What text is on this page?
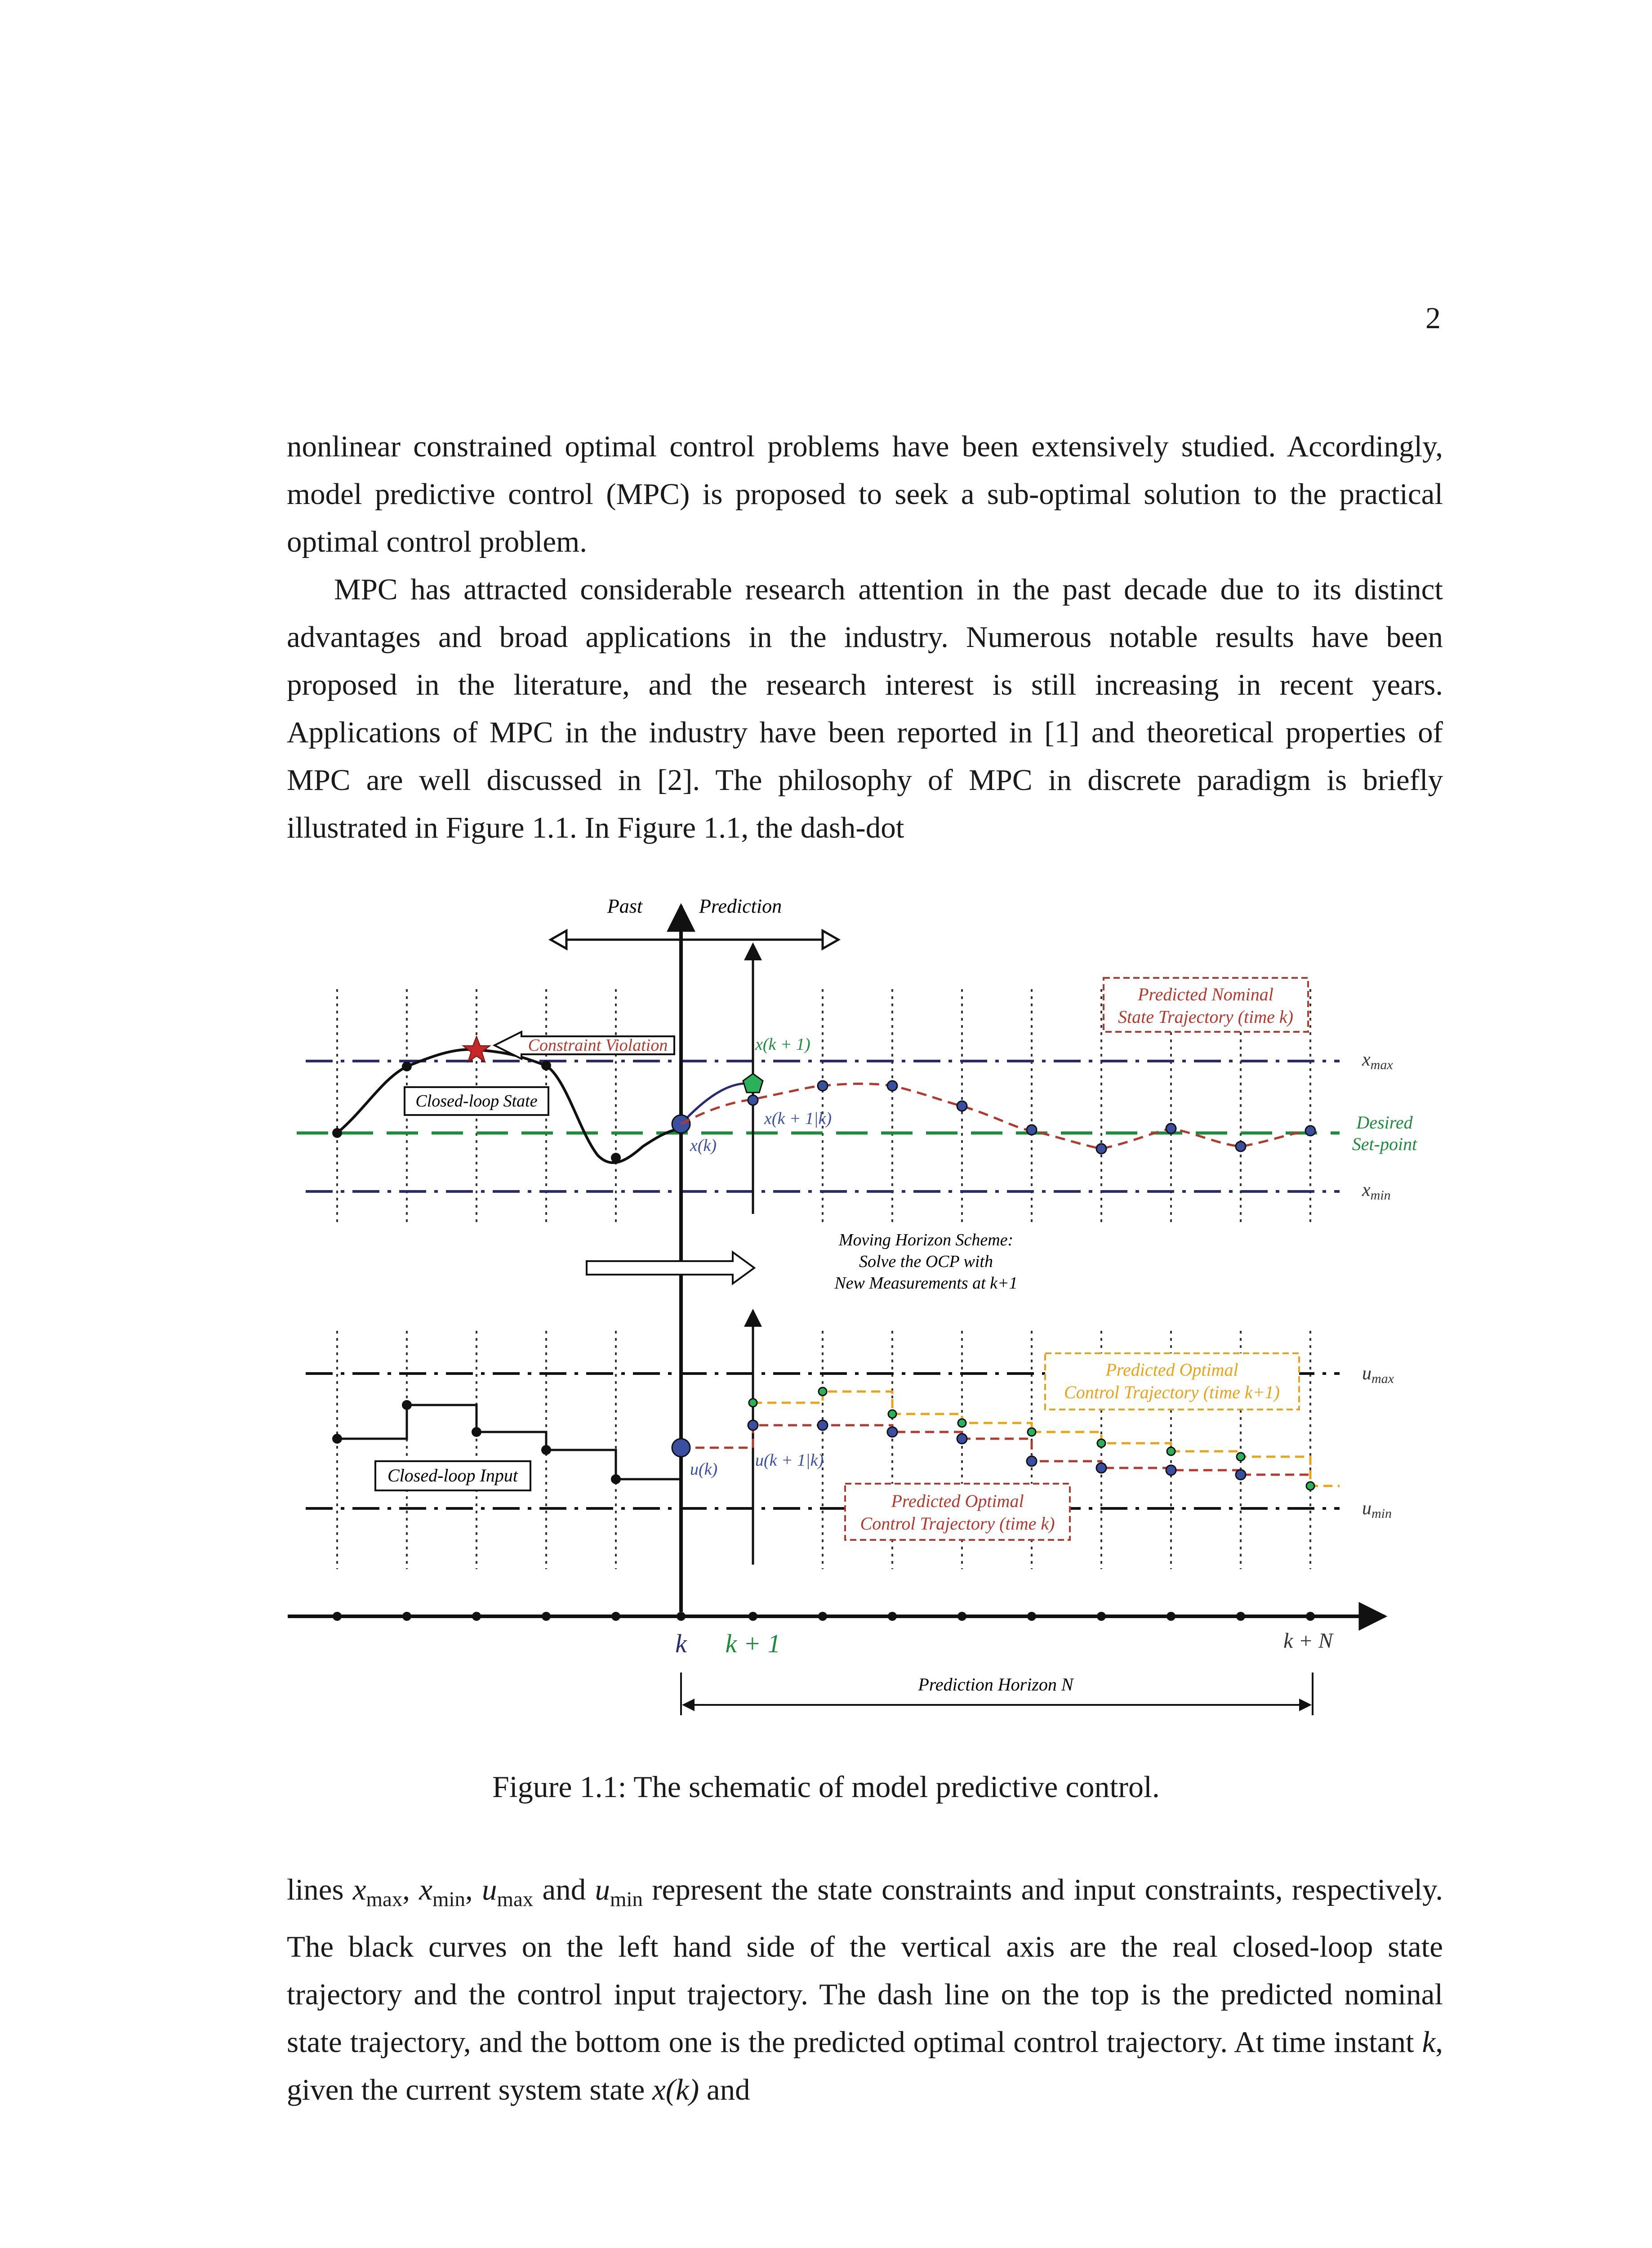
2

nonlinear constrained optimal control problems have been extensively studied. Accordingly, model predictive control (MPC) is proposed to seek a sub-optimal solution to the practical optimal control problem.

MPC has attracted considerable research attention in the past decade due to its distinct advantages and broad applications in the industry. Numerous notable results have been proposed in the literature, and the research interest is still increasing in recent years. Applications of MPC in the industry have been reported in [1] and theoretical properties of MPC are well discussed in [2]. The philosophy of MPC in discrete paradigm is briefly illustrated in Figure 1.1. In Figure 1.1, the dash-dot

Past	Prediction
Constraint Violation
Closed-loop State
x(k + 1)
x(k + 1|k)
x(k)
Predicted Nominal
State Trajectory (time k)
xmax
Desired
Set-point
xmin
umax
umin
Moving Horizon Scheme:
Solve the OCP with
New Measurements at k+1
Closed-loop Input	u(k) u(k + 1|k)
Predicted Optimal
Control Trajectory (time k+1)
Predicted Optimal
Control Trajectory (time k)
k k + 1	k + N
Prediction Horizon N
Figure 1.1: The schematic of model predictive control.

lines $x_{max}$, $x_{min}$, $u_{max}$ and $u_{min}$ represent the state constraints and input constraints, respectively. The black curves on the left hand side of the vertical axis are the real closed-loop state trajectory and the control input trajectory. The dash line on the top is the predicted nominal state trajectory, and the bottom one is the predicted optimal control trajectory. At time instant k, given the current system state x(k) and
